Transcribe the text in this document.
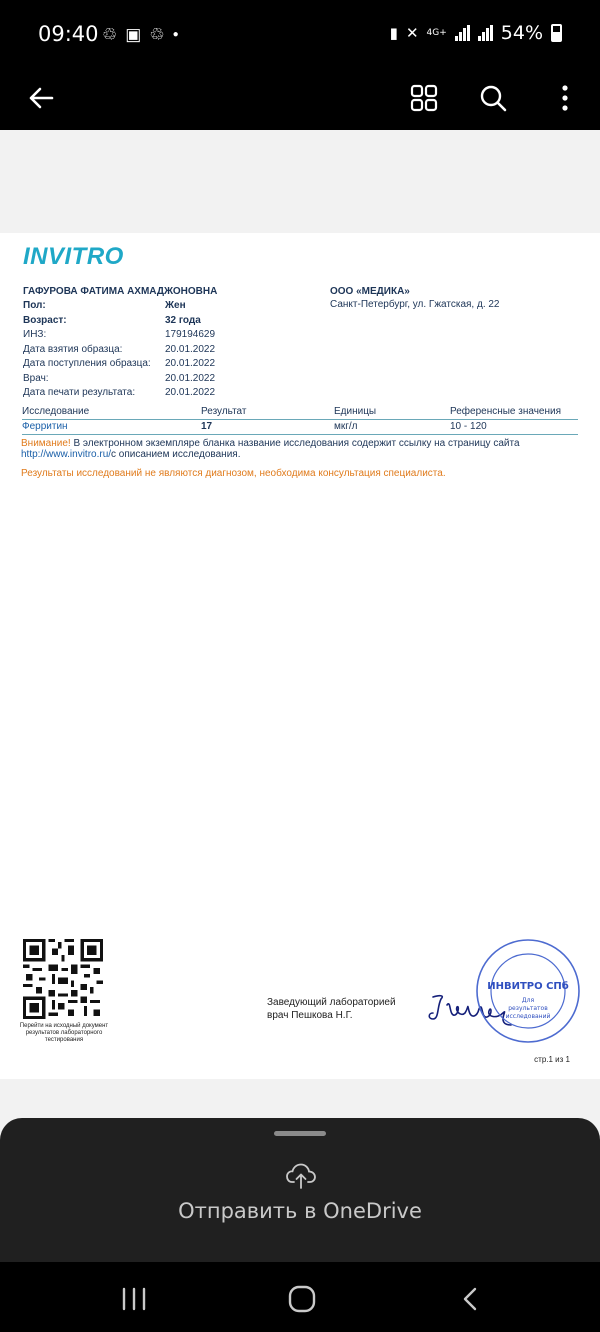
09:40 ♲ ▣ ♲ ●	▮ ✕ 4G+	54%
INVITRO
ГАФУРОВА ФАТИМА АХМАДЖОНОВНА
Пол:	Жен
Возраст:	32 года
ИНЗ:	179194629
Дата взятия образца:	20.01.2022
Дата поступления образца: 20.01.2022
Врач:	20.01.2022
Дата печати результата:	20.01.2022
ООО «МЕДИКА»
Санкт-Петербург, ул. Гжатская, д. 22
Исследование	Результат	Единицы	Референсные значения
Ферритин	17	мкг/л	10 - 120
Внимание! В электронном экземпляре бланка название исследования содержит ссылку на страницу сайта
http://www.invitro.ru/с описанием исследования.
Результаты исследований не являются диагнозом, необходима консультация специалиста.
Перейти на исходный документ результатов лабораторного тестирования
Заведующий лабораторией
врач Пешкова Н.Г.
ИНВИТРО СПб
Для
результатов
исследований
стр.1 из 1
Отправить в OneDrive
